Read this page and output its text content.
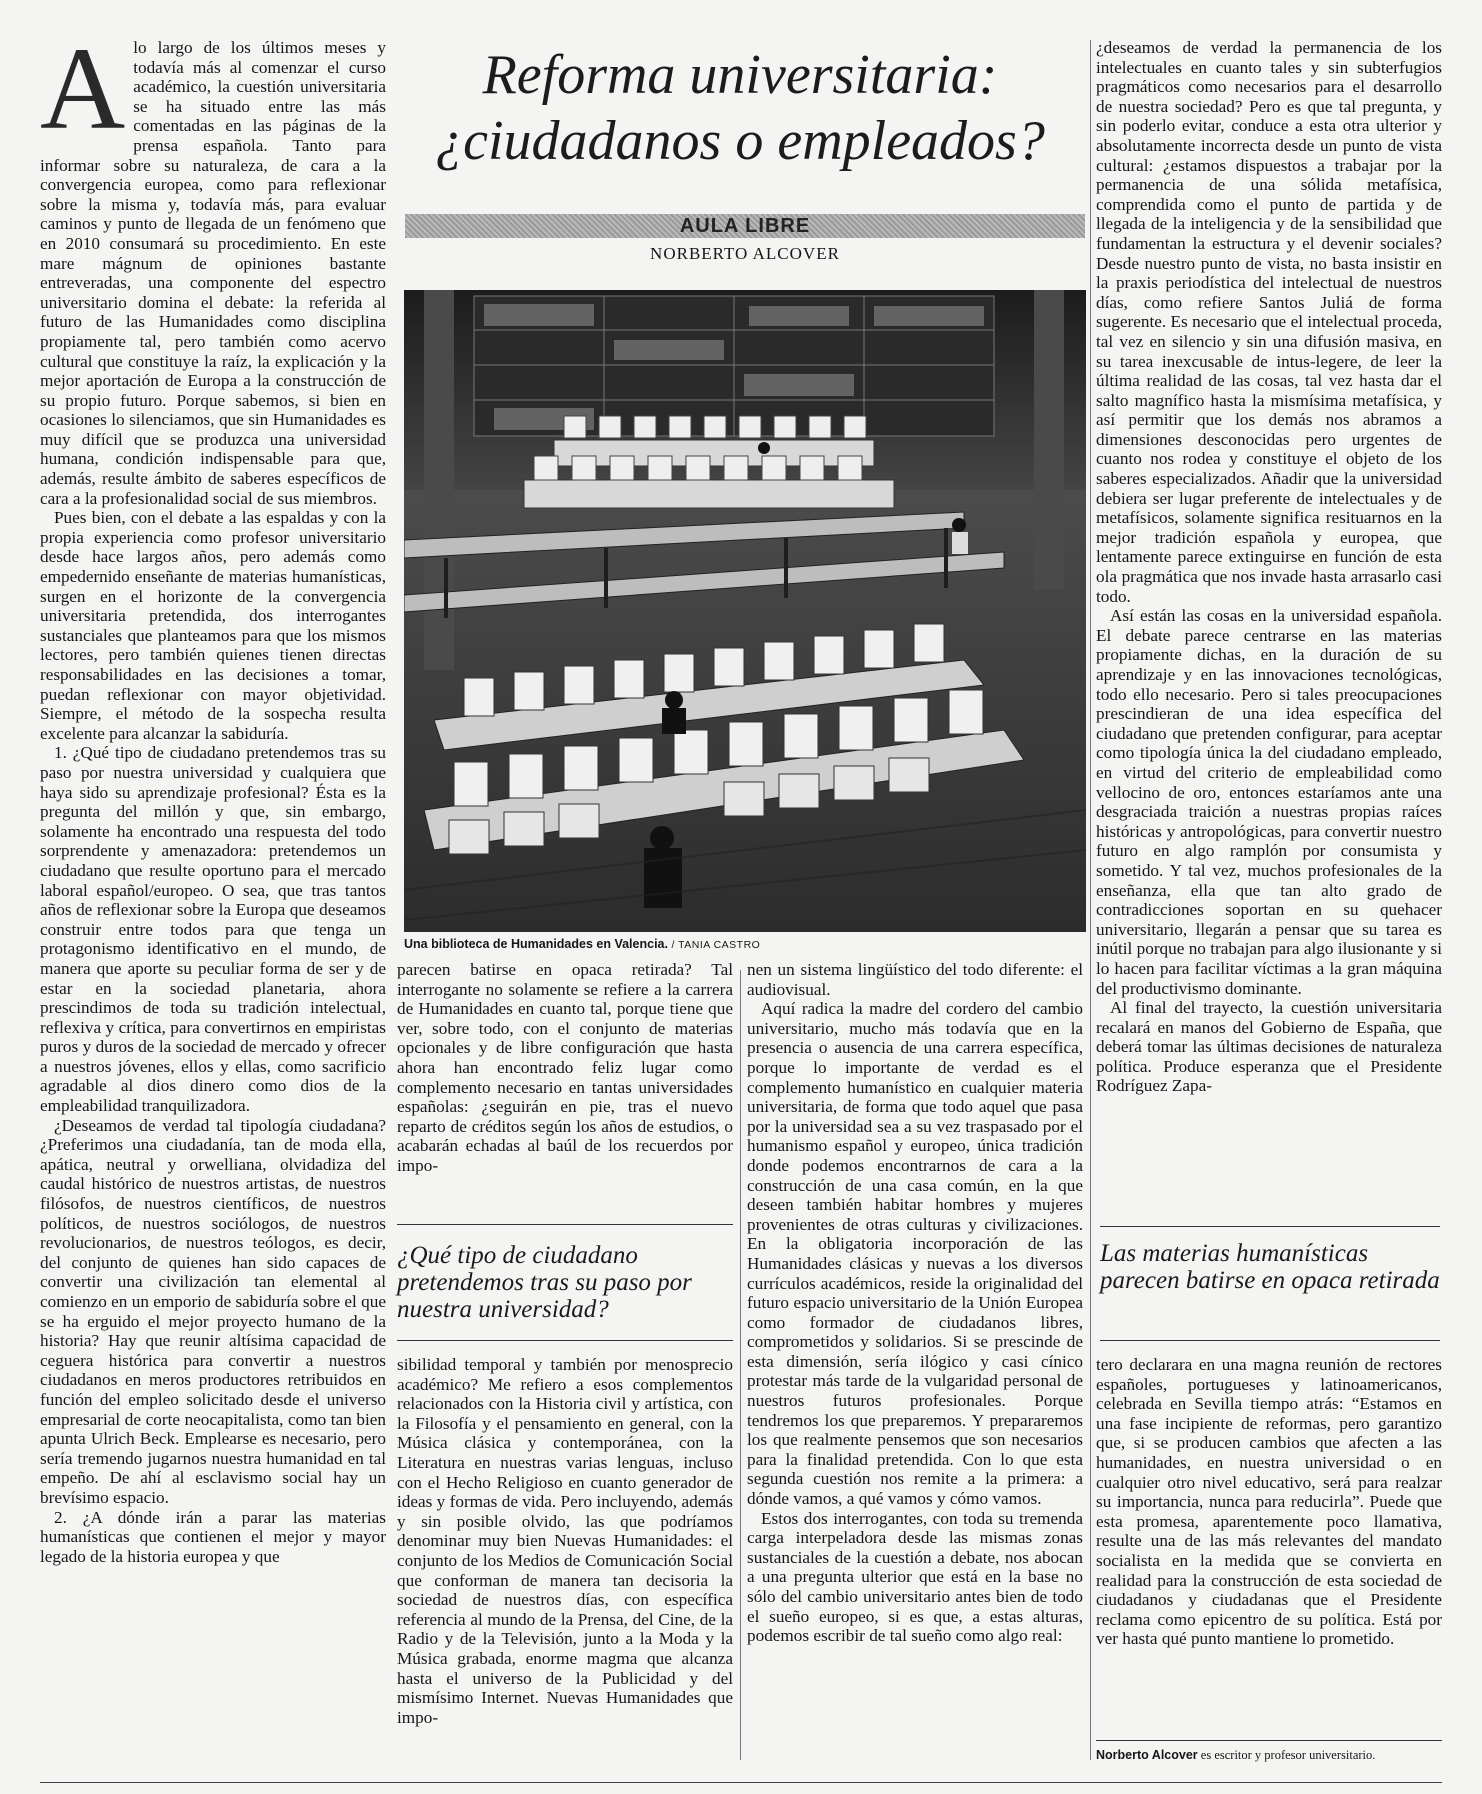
Reforma universitaria:
¿ciudadanos o empleados?
AULA LIBRE
NORBERTO ALCOVER
Una biblioteca de Humanidades en Valencia. / TANIA CASTRO
A lo largo de los últimos meses y todavía más al comenzar el curso académico, la cuestión universitaria se ha situado entre las más comentadas en las páginas de la prensa española. Tanto para informar sobre su naturaleza, de cara a la convergencia europea, como para reflexionar sobre la misma y, todavía más, para evaluar caminos y punto de llegada de un fenómeno que en 2010 consumará su procedimiento. En este mare mágnum de opiniones bastante entreveradas, una componente del espectro universitario domina el debate: la referida al futuro de las Humanidades como disciplina propiamente tal, pero también como acervo cultural que constituye la raíz, la explicación y la mejor aportación de Europa a la construcción de su propio futuro. Porque sabemos, si bien en ocasiones lo silenciamos, que sin Humanidades es muy difícil que se produzca una universidad humana, condición indispensable para que, además, resulte ámbito de saberes específicos de cara a la profesionalidad social de sus miembros.

Pues bien, con el debate a las espaldas y con la propia experiencia como profesor universitario desde hace largos años, pero además como empedernido enseñante de materias humanísticas, surgen en el horizonte de la convergencia universitaria pretendida, dos interrogantes sustanciales que planteamos para que los mismos lectores, pero también quienes tienen directas responsabilidades en las decisiones a tomar, puedan reflexionar con mayor objetividad. Siempre, el método de la sospecha resulta excelente para alcanzar la sabiduría.

1. ¿Qué tipo de ciudadano pretendemos tras su paso por nuestra universidad y cualquiera que haya sido su aprendizaje profesional? Ésta es la pregunta del millón y que, sin embargo, solamente ha encontrado una respuesta del todo sorprendente y amenazadora: pretendemos un ciudadano que resulte oportuno para el mercado laboral español/europeo. O sea, que tras tantos años de reflexionar sobre la Europa que deseamos construir entre todos para que tenga un protagonismo identificativo en el mundo, de manera que aporte su peculiar forma de ser y de estar en la sociedad planetaria, ahora prescindimos de toda su tradición intelectual, reflexiva y crítica, para convertirnos en empiristas puros y duros de la sociedad de mercado y ofrecer a nuestros jóvenes, ellos y ellas, como sacrificio agradable al dios dinero como dios de la empleabilidad tranquilizadora.

¿Deseamos de verdad tal tipología ciudadana? ¿Preferimos una ciudadanía, tan de moda ella, apática, neutral y orwelliana, olvidadiza del caudal histórico de nuestros artistas, de nuestros filósofos, de nuestros científicos, de nuestros políticos, de nuestros sociólogos, de nuestros revolucionarios, de nuestros teólogos, es decir, del conjunto de quienes han sido capaces de convertir una civilización tan elemental al comienzo en un emporio de sabiduría sobre el que se ha erguido el mejor proyecto humano de la historia? Hay que reunir altísima capacidad de ceguera histórica para convertir a nuestros ciudadanos en meros productores retribuidos en función del empleo solicitado desde el universo empresarial de corte neocapitalista, como tan bien apunta Ulrich Beck. Emplearse es necesario, pero sería tremendo jugarnos nuestra humanidad en tal empeño. De ahí al esclavismo social hay un brevísimo espacio.

2. ¿A dónde irán a parar las materias humanísticas que contienen el mejor y mayor legado de la historia europea y que

parecen batirse en opaca retirada? Tal interrogante no solamente se refiere a la carrera de Humanidades en cuanto tal, porque tiene que ver, sobre todo, con el conjunto de materias opcionales y de libre configuración que hasta ahora han encontrado feliz lugar como complemento necesario en tantas universidades españolas: ¿seguirán en pie, tras el nuevo reparto de créditos según los años de estudios, o acabarán echadas al baúl de los recuerdos por impo-

¿Qué tipo de ciudadano pretendemos tras su paso por nuestra universidad?

sibilidad temporal y también por menosprecio académico? Me refiero a esos complementos relacionados con la Historia civil y artística, con la Filosofía y el pensamiento en general, con la Música clásica y contemporánea, con la Literatura en nuestras varias lenguas, incluso con el Hecho Religioso en cuanto generador de ideas y formas de vida. Pero incluyendo, además y sin posible olvido, las que podríamos denominar muy bien Nuevas Humanidades: el conjunto de los Medios de Comunicación Social que conforman de manera tan decisoria la sociedad de nuestros días, con específica referencia al mundo de la Prensa, del Cine, de la Radio y de la Televisión, junto a la Moda y la Música grabada, enorme magma que alcanza hasta el universo de la Publicidad y del mismísimo Internet. Nuevas Humanidades que impo-

nen un sistema lingüístico del todo diferente: el audiovisual.

Aquí radica la madre del cordero del cambio universitario, mucho más todavía que en la presencia o ausencia de una carrera específica, porque lo importante de verdad es el complemento humanístico en cualquier materia universitaria, de forma que todo aquel que pasa por la universidad sea a su vez traspasado por el humanismo español y europeo, única tradición donde podemos encontrarnos de cara a la construcción de una casa común, en la que deseen también habitar hombres y mujeres provenientes de otras culturas y civilizaciones. En la obligatoria incorporación de las Humanidades clásicas y nuevas a los diversos currículos académicos, reside la originalidad del futuro espacio universitario de la Unión Europea como formador de ciudadanos libres, comprometidos y solidarios. Si se prescinde de esta dimensión, sería ilógico y casi cínico protestar más tarde de la vulgaridad personal de nuestros futuros profesionales. Porque tendremos los que preparemos. Y prepararemos los que realmente pensemos que son necesarios para la finalidad pretendida. Con lo que esta segunda cuestión nos remite a la primera: a dónde vamos, a qué vamos y cómo vamos.

Estos dos interrogantes, con toda su tremenda carga interpeladora desde las mismas zonas sustanciales de la cuestión a debate, nos abocan a una pregunta ulterior que está en la base no sólo del cambio universitario antes bien de todo el sueño europeo, si es que, a estas alturas, podemos escribir de tal sueño como algo real:

¿deseamos de verdad la permanencia de los intelectuales en cuanto tales y sin subterfugios pragmáticos como necesarios para el desarrollo de nuestra sociedad? Pero es que tal pregunta, y sin poderlo evitar, conduce a esta otra ulterior y absolutamente incorrecta desde un punto de vista cultural: ¿estamos dispuestos a trabajar por la permanencia de una sólida metafísica, comprendida como el punto de partida y de llegada de la inteligencia y de la sensibilidad que fundamentan la estructura y el devenir sociales? Desde nuestro punto de vista, no basta insistir en la praxis periodística del intelectual de nuestros días, como refiere Santos Juliá de forma sugerente. Es necesario que el intelectual proceda, tal vez en silencio y sin una difusión masiva, en su tarea inexcusable de intus-legere, de leer la última realidad de las cosas, tal vez hasta dar el salto magnífico hasta la mismísima metafísica, y así permitir que los demás nos abramos a dimensiones desconocidas pero urgentes de cuanto nos rodea y constituye el objeto de los saberes especializados. Añadir que la universidad debiera ser lugar preferente de intelectuales y de metafísicos, solamente significa resituarnos en la mejor tradición española y europea, que lentamente parece extinguirse en función de esta ola pragmática que nos invade hasta arrasarlo casi todo.

Así están las cosas en la universidad española. El debate parece centrarse en las materias propiamente dichas, en la duración de su aprendizaje y en las innovaciones tecnológicas, todo ello necesario. Pero si tales preocupaciones prescindieran de una idea específica del ciudadano que pretenden configurar, para aceptar como tipología única la del ciudadano empleado, en virtud del criterio de empleabilidad como vellocino de oro, entonces estaríamos ante una desgraciada traición a nuestras propias raíces históricas y antropológicas, para convertir nuestro futuro en algo ramplón por consumista y sometido. Y tal vez, muchos profesionales de la enseñanza, ella que tan alto grado de contradicciones soportan en su quehacer universitario, llegarán a pensar que su tarea es inútil porque no trabajan para algo ilusionante y si lo hacen para facilitar víctimas a la gran máquina del productivismo dominante.

Al final del trayecto, la cuestión universitaria recalará en manos del Gobierno de España, que deberá tomar las últimas decisiones de naturaleza política. Produce esperanza que el Presidente Rodríguez Zapa-

Las materias humanísticas parecen batirse en opaca retirada

tero declarara en una magna reunión de rectores españoles, portugueses y latinoamericanos, celebrada en Sevilla tiempo atrás: “Estamos en una fase incipiente de reformas, pero garantizo que, si se producen cambios que afecten a las humanidades, en nuestra universidad o en cualquier otro nivel educativo, será para realzar su importancia, nunca para reducirla”. Puede que esta promesa, aparentemente poco llamativa, resulte una de las más relevantes del mandato socialista en la medida que se convierta en realidad para la construcción de esta sociedad de ciudadanos y ciudadanas que el Presidente reclama como epicentro de su política. Está por ver hasta qué punto mantiene lo prometido.

Norberto Alcover es escritor y profesor universitario.
